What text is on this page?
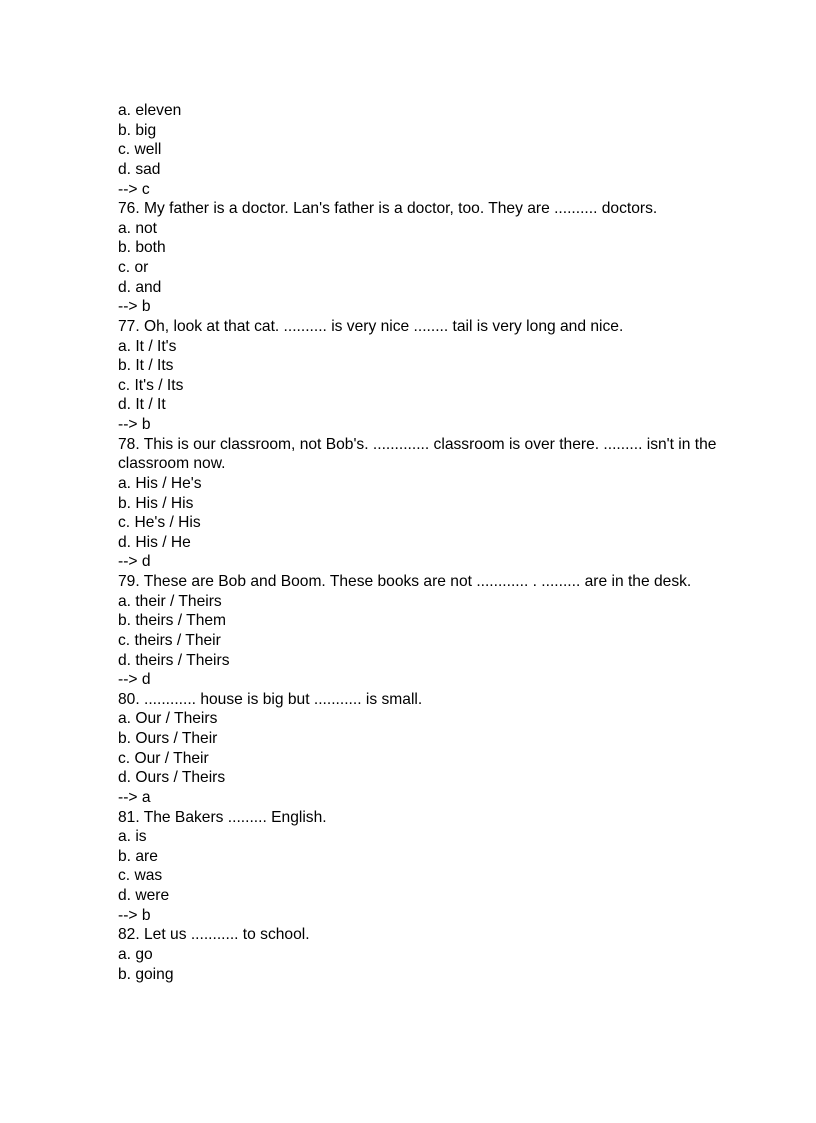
a. eleven
b. big
c. well
d. sad
--> c
76. My father is a doctor. Lan's father is a doctor, too. They are .......... doctors.
a. not
b. both
c. or
d. and
--> b
77. Oh, look at that cat. .......... is very nice ........ tail is very long and nice.
a. It / It's
b. It / Its
c. It's / Its
d. It / It
--> b
78. This is our classroom, not Bob's. ............. classroom is over there. ......... isn't in the classroom now.
a. His / He's
b. His / His
c. He's / His
d. His / He
--> d
79. These are Bob and Boom. These books are not ............ . ......... are in the desk.
a. their / Theirs
b. theirs / Them
c. theirs / Their
d. theirs / Theirs
--> d
80. ............ house is big but ........... is small.
a. Our / Theirs
b. Ours / Their
c. Our / Their
d. Ours / Theirs
--> a
81. The Bakers ......... English.
a. is
b. are
c. was
d. were
--> b
82. Let us ........... to school.
a. go
b. going
